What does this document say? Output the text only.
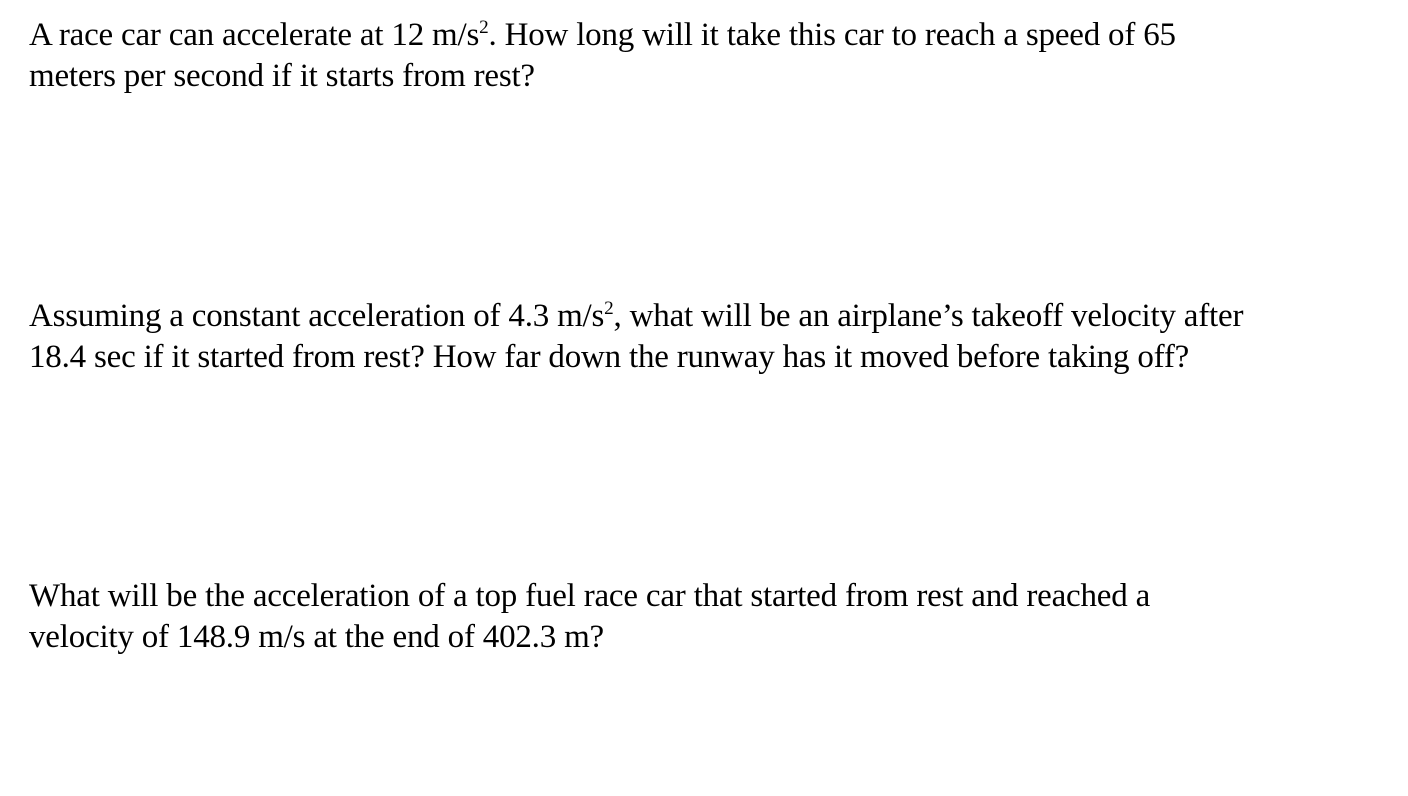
A race car can accelerate at 12 $m/s^2$. How long will it take this car to reach a speed of 65
meters per second if it starts from rest?

Assuming a constant acceleration of 4.3 $m/s^2$, what will be an airplane’s takeoff velocity after
18.4 sec if it started from rest? How far down the runway has it moved before taking off?

What will be the acceleration of a top fuel race car that started from rest and reached a
velocity of 148.9 m/s at the end of 402.3 m?
